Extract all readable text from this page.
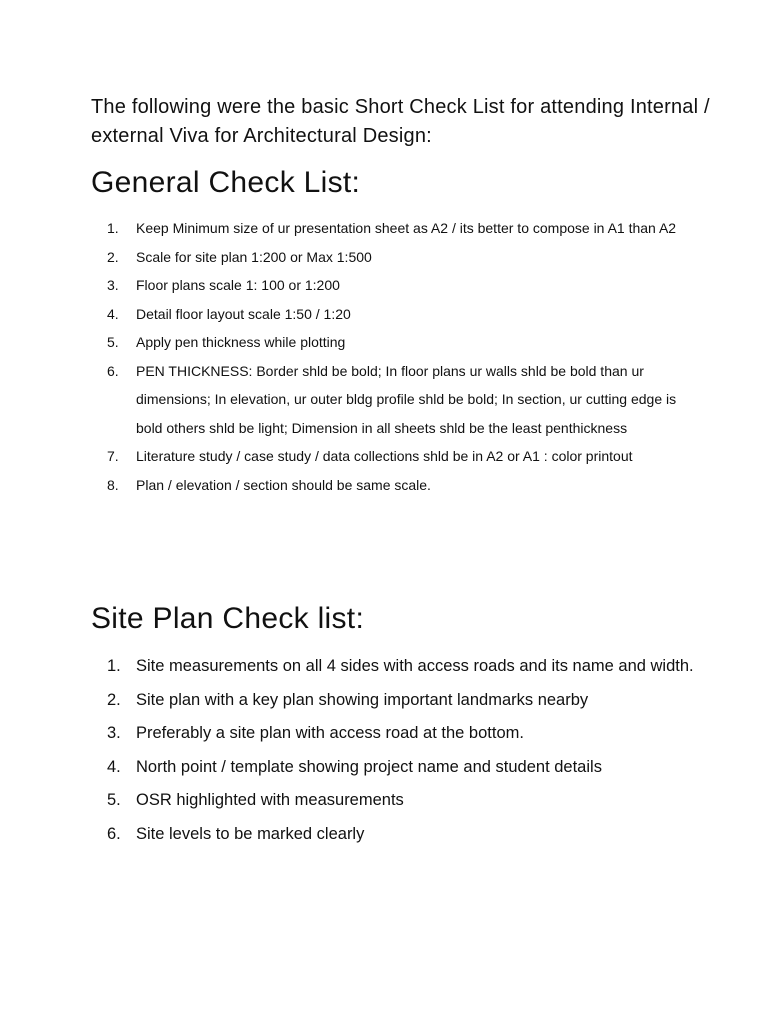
The following were the basic Short Check List for attending Internal / external Viva for Architectural Design:

General Check List:
1. Keep Minimum size of ur presentation sheet as A2 / its better to compose in A1 than A2
2. Scale for site plan 1:200 or Max 1:500
3. Floor plans scale 1: 100 or 1:200
4. Detail floor layout scale 1:50 / 1:20
5. Apply pen thickness while plotting
6. PEN THICKNESS: Border shld be bold; In floor plans ur walls shld be bold than ur dimensions; In elevation, ur outer bldg profile shld be bold; In section, ur cutting edge is bold others shld be light; Dimension in all sheets shld be the least penthickness
7. Literature study / case study / data collections shld be in A2 or A1 : color printout
8. Plan / elevation / section should be same scale.
Site Plan Check list:
1. Site measurements on all 4 sides with access roads and its name and width.
2. Site plan with a key plan showing important landmarks nearby
3. Preferably a site plan with access road at the bottom.
4. North point / template showing project name and student details
5. OSR highlighted with measurements
6. Site levels to be marked clearly
